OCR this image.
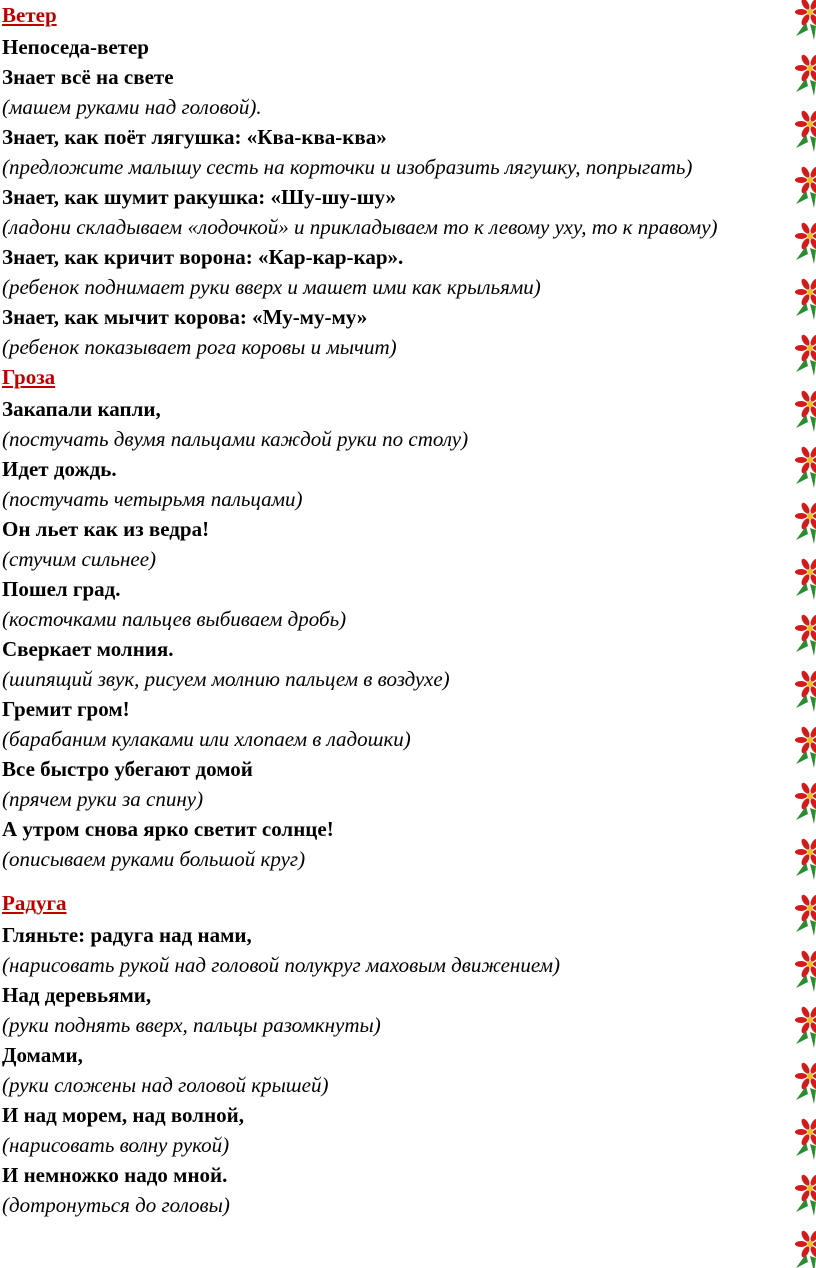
Ветер

Непоседа-ветер

Знает всё на свете

(машем руками над головой).

Знает, как поёт лягушка: «Ква-ква-ква»

(предложите малышу сесть на корточки и изобразить лягушку, попрыгать)

Знает, как шумит ракушка: «Шу-шу-шу»

(ладони складываем «лодочкой» и прикладываем то к левому уху, то к правому)

Знает, как кричит ворона: «Кар-кар-кар».

(ребенок поднимает руки вверх и машет ими как крыльями)

Знает, как мычит корова: «Му-му-му»

(ребенок показывает рога коровы и мычит)

Гроза

Закапали капли,

(постучать двумя пальцами каждой руки по столу)

Идет дождь.

(постучать четырьмя пальцами)

Он льет как из ведра!

(стучим сильнее)

Пошел град.

(косточками пальцев выбиваем дробь)

Сверкает молния.

(шипящий звук, рисуем молнию пальцем в воздухе)

Гремит гром!

(барабаним кулаками или хлопаем в ладошки)

Все быстро убегают домой

(прячем руки за спину)

А утром снова ярко светит солнце!

(описываем руками большой круг)

Радуга

Гляньте: радуга над нами,

(нарисовать рукой над головой полукруг маховым движением)

Над деревьями,

(руки поднять вверх, пальцы разомкнуты)

Домами,

(руки сложены над головой крышей)

И над морем, над волной,

(нарисовать волну рукой)

И немножко надо мной.

(дотронуться до головы)
